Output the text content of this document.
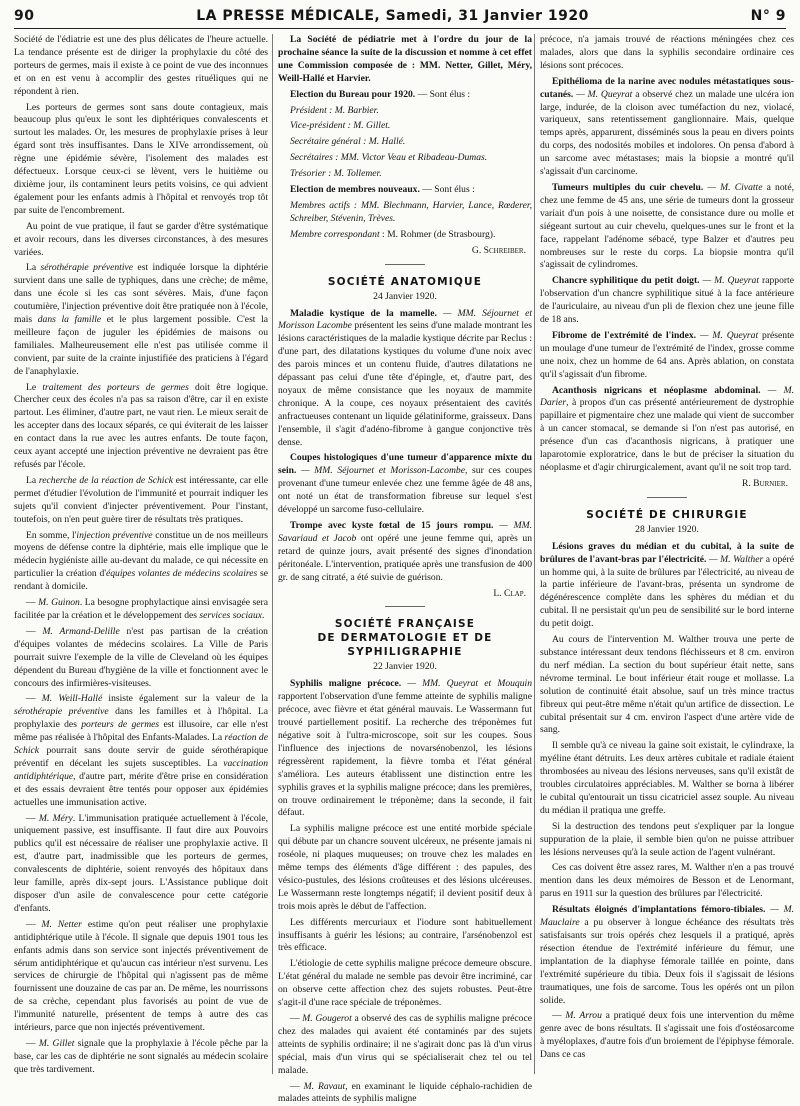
90	LA PRESSE MÉDICALE, Samedi, 31 Janvier 1920	N° 9

Société de l'édiatrie est une des plus délicates de l'heure actuelle. La tendance présente est de diriger la prophylaxie du côté des porteurs de germes, mais il existe à ce point de vue des inconnues et on en est venu à accomplir des gestes rituéliques qui ne répondent à rien.

Les porteurs de germes sont sans doute contagieux, mais beaucoup plus qu'eux le sont les diphtériques convalescents et surtout les malades. Or, les mesures de prophylaxie prises à leur égard sont très insuffisantes. Dans le XIVe arrondissement, où règne une épidémie sévère, l'isolement des malades est défectueux. Lorsque ceux-ci se lèvent, vers le huitième ou dixième jour, ils contaminent leurs petits voisins, ce qui advient également pour les enfants admis à l'hôpital et renvoyés trop tôt par suite de l'encombrement.

Au point de vue pratique, il faut se garder d'être systématique et avoir recours, dans les diverses circonstances, à des mesures variées.

La sérothérapie préventive est indiquée lorsque la diphtérie survient dans une salle de typhiques, dans une crèche; de même, dans une école si les cas sont sévères. Mais, d'une façon coutumière, l'injection préventive doit être pratiquée non à l'école, mais dans la famille et le plus largement possible. C'est la meilleure façon de juguler les épidémies de maisons ou familiales. Malheureusement elle n'est pas utilisée comme il convient, par suite de la crainte injustifiée des praticiens à l'égard de l'anaphylaxie.

Le traitement des porteurs de germes doit être logique. Chercher ceux des écoles n'a pas sa raison d'être, car il en existe partout. Les éliminer, d'autre part, ne vaut rien. Le mieux serait de les accepter dans des locaux séparés, ce qui éviterait de les laisser en contact dans la rue avec les autres enfants. De toute façon, ceux ayant accepté une injection préventive ne devraient pas être refusés par l'école.

La recherche de la réaction de Schick est intéressante, car elle permet d'étudier l'évolution de l'immunité et pourrait indiquer les sujets qu'il convient d'injecter préventivement. Pour l'instant, toutefois, on n'en peut guère tirer de résultats très pratiques.

En somme, l'injection préventive constitue un de nos meilleurs moyens de défense contre la diphtérie, mais elle implique que le médecin hygiéniste aille au-devant du malade, ce qui nécessite en particulier la création d'équipes volantes de médecins scolaires se rendant à domicile.

— M. Guinon. La besogne prophylactique ainsi envisagée sera facilitée par la création et le développement des services sociaux.

— M. Armand-Delille n'est pas partisan de la création d'équipes volantes de médecins scolaires. La Ville de Paris pourrait suivre l'exemple de la ville de Cleveland où les équipes dépendent du Bureau d'hygiène de la ville et fonctionnent avec le concours des infirmières-visiteuses.

— M. Weill-Hallé insiste également sur la valeur de la sérothérapie préventive dans les familles et à l'hôpital. La prophylaxie des porteurs de germes est illusoire, car elle n'est même pas réalisée à l'hôpital des Enfants-Malades. La réaction de Schick pourrait sans doute servir de guide sérothérapique préventif en décelant les sujets susceptibles. La vaccination antidiphtérique, d'autre part, mérite d'être prise en considération et des essais devraient être tentés pour opposer aux épidémies actuelles une immunisation active.

— M. Méry. L'immunisation pratiquée actuellement à l'école, uniquement passive, est insuffisante. Il faut dire aux Pouvoirs publics qu'il est nécessaire de réaliser une prophylaxie active. Il est, d'autre part, inadmissible que les porteurs de germes, convalescents de diphtérie, soient renvoyés des hôpitaux dans leur famille, après dix-sept jours. L'Assistance publique doit disposer d'un asile de convalescence pour cette catégorie d'enfants.

— M. Netter estime qu'on peut réaliser une prophylaxie antidiphtérique utile à l'école. Il signale que depuis 1901 tous les enfants admis dans son service sont injectés préventivement de sérum antidiphtérique et qu'aucun cas intérieur n'est survenu. Les services de chirurgie de l'hôpital qui n'agissent pas de même fournissent une douzaine de cas par an. De même, les nourrissons de sa crèche, cependant plus favorisés au point de vue de l'immunité naturelle, présentent de temps à autre des cas intérieurs, parce que non injectés préventivement.

— M. Gillet signale que la prophylaxie à l'école pêche par la base, car les cas de diphtérie ne sont signalés au médecin scolaire que très tardivement.

La Société de pédiatrie met à l'ordre du jour de la prochaine séance la suite de la discussion et nomme à cet effet une Commission composée de : MM. Netter, Gillet, Méry, Weill-Hallé et Harvier.

Election du Bureau pour 1920. — Sont élus :

Président : M. Barbier.

Vice-président : M. Gillet.

Secrétaire général : M. Hallé.

Secrétaires : MM. Victor Veau et Ribadeau-Dumas.

Trésorier : M. Tollemer.

Election de membres nouveaux. — Sont élus :

Membres actifs : MM. Blechmann, Harvier, Lance, Rœderer, Schreiber, Stévenin, Trèves.

Membre correspondant : M. Rohmer (de Strasbourg).

G. Schreiber.

SOCIÉTÉ ANATOMIQUE
24 Janvier 1920.

Maladie kystique de la mamelle. — MM. Séjournet et Morisson Lacombe présentent les seins d'une malade montrant les lésions caractéristiques de la maladie kystique décrite par Reclus : d'une part, des dilatations kystiques du volume d'une noix avec des parois minces et un contenu fluide, d'autres dilatations ne dépassant pas celui d'une tête d'épingle, et, d'autre part, des noyaux de même consistance que les noyaux de mammite chronique. A la coupe, ces noyaux présentaient des cavités anfractueuses contenant un liquide gélatiniforme, graisseux. Dans l'ensemble, il s'agit d'adéno-fibrome à gangue conjonctive très dense.

Coupes histologiques d'une tumeur d'apparence mixte du sein. — MM. Séjournet et Morisson-Lacombe, sur ces coupes provenant d'une tumeur enlevée chez une femme âgée de 48 ans, ont noté un état de transformation fibreuse sur lequel s'est développé un sarcome fuso-cellulaire.

Trompe avec kyste fœtal de 15 jours rompu. — MM. Savariaud et Jacob ont opéré une jeune femme qui, après un retard de quinze jours, avait présenté des signes d'inondation péritonéale. L'intervention, pratiquée après une transfusion de 400 gr. de sang citraté, a été suivie de guérison.

L. Clap.

SOCIÉTÉ FRANÇAISE
DE DERMATOLOGIE ET DE SYPHILIGRAPHIE
22 Janvier 1920.

Syphilis maligne précoce. — MM. Queyrat et Mouquin rapportent l'observation d'une femme atteinte de syphilis maligne précoce, avec fièvre et état général mauvais. Le Wassermann fut trouvé partiellement positif. La recherche des tréponèmes fut négative soit à l'ultra-microscope, soit sur les coupes. Sous l'influence des injections de novarsénobenzol, les lésions régressèrent rapidement, la fièvre tomba et l'état général s'améliora. Les auteurs établissent une distinction entre les syphilis graves et la syphilis maligne précoce; dans les premières, on trouve ordinairement le tréponème; dans la seconde, il fait défaut.

La syphilis maligne précoce est une entité morbide spéciale qui débute par un chancre souvent ulcéreux, ne présente jamais ni roséole, ni plaques muqueuses; on trouve chez les malades en même temps des éléments d'âge différent : des papules, des vésico-pustules, des lésions croûteuses et des lésions ulcéreuses. Le Wassermann reste longtemps négatif; il devient positif deux à trois mois après le début de l'affection.

Les différents mercuriaux et l'iodure sont habituellement insuffisants à guérir les lésions; au contraire, l'arsénobenzol est très efficace.

L'étiologie de cette syphilis maligne précoce demeure obscure. L'état général du malade ne semble pas devoir être incriminé, car on observe cette affection chez des sujets robustes. Peut-être s'agit-il d'une race spéciale de tréponèmes.

— M. Gougerot a observé des cas de syphilis maligne précoce chez des malades qui avaient été contaminés par des sujets atteints de syphilis ordinaire; il ne s'agirait donc pas là d'un virus spécial, mais d'un virus qui se spécialiserait chez tel ou tel malade.

— M. Ravaut, en examinant le liquide céphalo-rachidien de malades atteints de syphilis maligne

précoce, n'a jamais trouvé de réactions méningées chez ces malades, alors que dans la syphilis secondaire ordinaire ces lésions sont précoces.

Epithélioma de la narine avec nodules métastatiques sous-cutanés. — M. Queyrat a observé chez un malade une ulcéra ion large, indurée, de la cloison avec tuméfaction du nez, violacé, variqueux, sans retentissement ganglionnaire. Mais, quelque temps après, apparurent, disséminés sous la peau en divers points du corps, des nodosités mobiles et indolores. On pensa d'abord à un sarcome avec métastases; mais la biopsie a montré qu'il s'agissait d'un carcinome.

Tumeurs multiples du cuir chevelu. — M. Civatte a noté, chez une femme de 45 ans, une série de tumeurs dont la grosseur variait d'un pois à une noisette, de consistance dure ou molle et siégeant surtout au cuir chevelu, quelques-unes sur le front et la face, rappelant l'adénome sébacé, type Balzer et d'autres peu nombreuses sur le reste du corps. La biopsie montra qu'il s'agissait de cylindromes.

Chancre syphilitique du petit doigt. — M. Queyrat rapporte l'observation d'un chancre syphilitique situé à la face antérieure de l'auriculaire, au niveau d'un pli de flexion chez une jeune fille de 18 ans.

Fibrome de l'extrémité de l'index. — M. Queyrat présente un moulage d'une tumeur de l'extrémité de l'index, grosse comme une noix, chez un homme de 64 ans. Après ablation, on constata qu'il s'agissait d'un fibrome.

Acanthosis nigricans et néoplasme abdominal. — M. Darier, à propos d'un cas présenté antérieurement de dystrophie papillaire et pigmentaire chez une malade qui vient de succomber à un cancer stomacal, se demande si l'on n'est pas autorisé, en présence d'un cas d'acanthosis nigricans, à pratiquer une laparotomie exploratrice, dans le but de préciser la situation du néoplasme et d'agir chirurgicalement, avant qu'il ne soit trop tard.

R. Burnier.

SOCIÉTÉ DE CHIRURGIE
28 Janvier 1920.

Lésions graves du médian et du cubital, à la suite de brûlures de l'avant-bras par l'électricité. — M. Walther a opéré un homme qui, à la suite de brûlures par l'électricité, au niveau de la partie inférieure de l'avant-bras, présenta un syndrome de dégénérescence complète dans les sphères du médian et du cubital. Il ne persistait qu'un peu de sensibilité sur le bord interne du petit doigt.

Au cours de l'intervention M. Walther trouva une perte de substance intéressant deux tendons fléchisseurs et 8 cm. environ du nerf médian. La section du bout supérieur était nette, sans névrome terminal. Le bout inférieur était rouge et mollasse. La solution de continuité était absolue, sauf un très mince tractus fibreux qui peut-être même n'était qu'un artifice de dissection. Le cubital présentait sur 4 cm. environ l'aspect d'une artère vide de sang.

Il semble qu'à ce niveau la gaine soit existait, le cylindraxe, la myéline étant détruits. Les deux artères cubitale et radiale étaient thrombosées au niveau des lésions nerveuses, sans qu'il existât de troubles circulatoires appréciables. M. Walther se borna à libérer le cubital qu'entourait un tissu cicatriciel assez souple. Au niveau du médian il pratiqua une greffe.

Si la destruction des tendons peut s'expliquer par la longue suppuration de la plaie, il semble bien qu'on ne puisse attribuer les lésions nerveuses qu'à la seule action de l'agent vulnérant.

Ces cas doivent être assez rares, M. Walther n'en a pas trouvé mention dans les deux mémoires de Besson et de Lenormant, parus en 1911 sur la question des brûlures par l'électricité.

Résultats éloignés d'implantations fémoro-tibiales. — M. Mauclaire a pu observer à longue échéance des résultats très satisfaisants sur trois opérés chez lesquels il a pratiqué, après résection étendue de l'extrémité inférieure du fémur, une implantation de la diaphyse fémorale taillée en pointe, dans l'extrémité supérieure du tibia. Deux fois il s'agissait de lésions traumatiques, une fois de sarcome. Tous les opérés ont un pilon solide.

— M. Arrou a pratiqué deux fois une intervention du même genre avec de bons résultats. Il s'agissait une fois d'ostéosarcome à myéloplaxes, d'autre fois d'un broiement de l'épiphyse fémorale. Dans ce cas
